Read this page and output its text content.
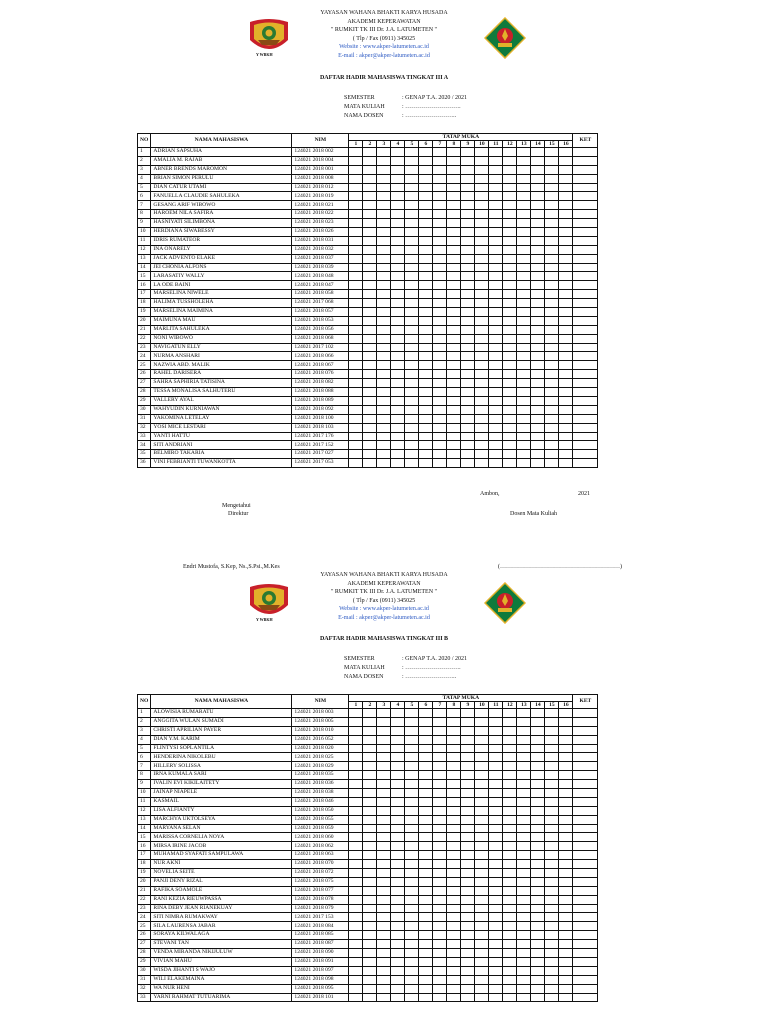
Y WBKH
YAYASAN WAHANA BHAKTI KARYA HUSADA
AKADEMI KEPERAWATAN
" RUMKIT TK III Dr. J.A. LATUMETEN "
( Tlp / Fax (0911) 345025
Website : www.akper-latumeten.ac.id
E-mail : akper@akper-latumeten.ac.id
DAFTAR HADIR MAHASISWA TINGKAT III A
SEMESTER	: GENAP T.A. 2020 / 2021
MATA KULIAH	: ……………………….
NAMA DOSEN	: ……………………..
NO	NAMA MAHASISWA	NIM	TATAP MUKA																KET
			1	2	3	4	5	6	7	8	9	10	11	12	13	14	15	16	
1	ADRIAN SAPSUHA	124021 2018 002																	
2	AMALIA M. RAJAB	124021 2018 004																	
3	ABNER BRENDS MAROMON	124021 2018 001																	
4	BRIAN SIMON PERULU	124021 2018 008																	
5	DIAN CATUR UTAMI	124021 2018 012																	
6	FANUELLA CLAUDIE SAHULEKA	124021 2018 019																	
7	GESANG ARIF WIBOWO	124021 2018 021																	
8	HAROEM NILA SAFIRA	124021 2018 022																	
9	HASNIYATI SILIMBONA	124021 2018 023																	
10	HERDIANA SIWABESSY	124021 2018 026																	
11	IDRIS RUMATEOR	124021 2018 031																	
12	INA ONARELY	124021 2018 032																	
13	JACK ADVENTO ELAKE	124021 2018 037																	
14	JEI CHONIA ALFONS	124021 2018 039																	
15	LARASATIY WALLY	124021 2018 048																	
16	LA ODE BAINI	124021 2018 047																	
17	MARSELINA NIWELE	124021 2018 058																	
18	HALIMA TUSSHOLEHA	124021 2017 068																	
19	MARSELINA MAIMINA	124021 2018 057																	
20	MAIMUNA MAU	124021 2018 053																	
21	MARLITA SAHULEKA	124021 2018 056																	
22	NONI WIBOWO	124021 2018 068																	
23	NAVIGATUN ELLY	124021 2017 102																	
24	NURMA ANSHARI	124021 2018 066																	
25	NAZWIA ABD. MALIK	124021 2018 067																	
26	RAHEL DARISERA	124021 2018 076																	
27	SAHRA SAPHIRIA TATISINA	124021 2018 082																	
28	TESSA MONALISA SALHUTERU	124021 2018 088																	
29	VALLERY AYAL	124021 2018 089																	
30	WAHYUDIN KURNIAWAN	124021 2018 092																	
31	YAKOMINA LETELAY	124021 2018 100																	
32	YOSI MICE LESTARI	124021 2018 103																	
33	YANTI HATTU	124021 2017 176																	
34	SITI ANDRIANI	124021 2017 152																	
35	BELMIRO TAKARIA	124021 2017 027																	
36	VINI FEBRIANTI TUWANKOTTA	124021 2017 053																	
Ambon,	2021
Mengetahui
Direktur	Dosen Mata Kuliah
Endri Mustofa, S.Kep, Ns.,S.Psi.,M.Kes	(……………………………………………………)
Y WBKH
YAYASAN WAHANA BHAKTI KARYA HUSADA
AKADEMI KEPERAWATAN
" RUMKIT TK III Dr. J.A. LATUMETEN "
( Tlp / Fax (0911) 345025
Website : www.akper-latumeten.ac.id
E-mail : akper@akper-latumeten.ac.id
DAFTAR HADIR MAHASISWA TINGKAT III B
SEMESTER	: GENAP T.A. 2020 / 2021
MATA KULIAH	: ……………………….
NAMA DOSEN	: ……………………..
NO	NAMA MAHASISWA	NIM	TATAP MUKA																KET
			1	2	3	4	5	6	7	8	9	10	11	12	13	14	15	16	
1	ALOWISIA RUMARATU	124021 2018 003																	
2	ANGGITA WULAN SUMADI	124021 2018 005																	
3	CHRISTI APRILIAN PAYER	124021 2018 010																	
4	DIAN Y.M. KARIM	124021 2016 052																	
5	FLINTYSI SOPLANTILA	124021 2018 020																	
6	HENDERINA NIKOLEBU	124021 2018 025																	
7	HILLERY SOLISSA	124021 2018 029																	
8	IRNA KUMALA SARI	124021 2018 035																	
9	IVALIN EVI KIKILAITETY	124021 2018 036																	
10	JAINAP NIAPELE	124021 2018 038																	
11	KASMAIL	124021 2018 046																	
12	LISA ALFIANTY	124021 2018 050																	
13	MARCHYA UKTOLSEYA	124021 2018 055																	
14	MARYANA SELAN	124021 2018 059																	
15	MARISSA CORNELIA NOYA	124021 2018 060																	
16	MIRSA IRINE JACOB	124021 2018 062																	
17	MUHAMAD SYAFATI SAMPULAWA	124021 2018 063																	
18	NUR AKNI	124021 2018 070																	
19	NOVELIA SEITE	124021 2018 072																	
20	PANJI DENY RIZAL	124021 2018 075																	
21	RAFIKA SOAMOLE	124021 2018 077																	
22	RANI KEZIA RIEUWPASSA	124021 2018 078																	
23	RINA DEBY JEAN RIANEKUAY	124021 2018 079																	
24	SITI NIMRA RUMAKWAY	124021 2017 153																	
25	SILA LAURENSA JABAR	124021 2018 084																	
26	SORAYA KILWALAGA	124021 2018 085																	
27	STEVANI TAN	124021 2018 087																	
28	VENDA MIRANDA NIKIJULUW	124021 2018 090																	
29	VIVIAN MAHU	124021 2018 091																	
30	WISDA JIHANTI S WAJO	124021 2018 097																	
31	WILI ELAKEMAINA	124021 2018 098																	
32	WA NUR HENI	124021 2018 095																	
33	YARNI RAHMAT TUTUARIMA	124021 2018 101																	
